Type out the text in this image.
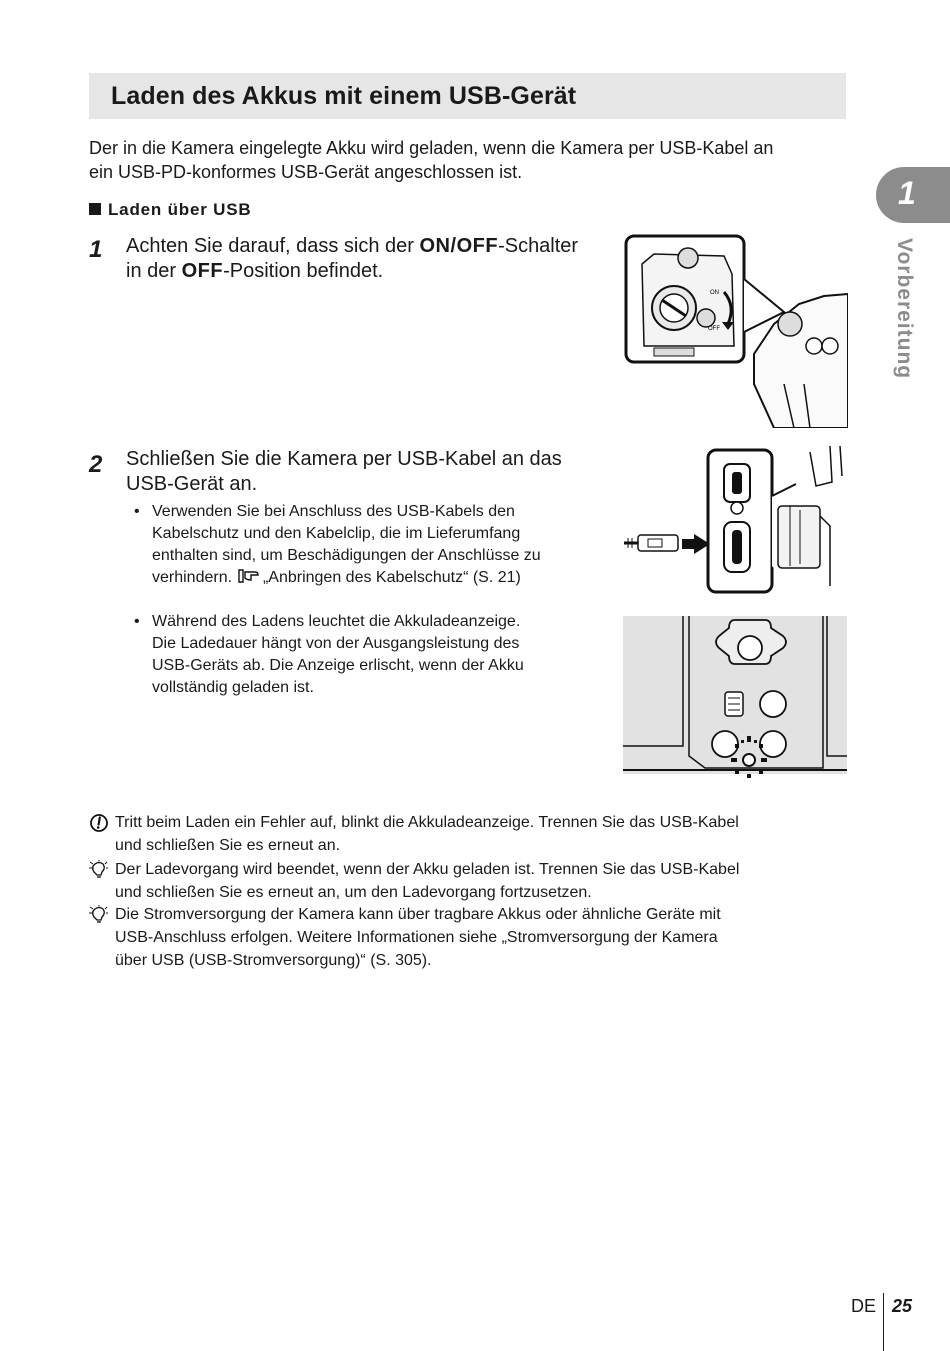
Laden des Akkus mit einem USB-Gerät

Der in die Kamera eingelegte Akku wird geladen, wenn die Kamera per USB-Kabel an
ein USB-PD-konformes USB-Gerät angeschlossen ist.

Laden über USB

1 Achten Sie darauf, dass sich der ON/OFF-Schalter
in der OFF-Position befindet.

ON
OFF
2 Schließen Sie die Kamera per USB-Kabel an das
USB-Gerät an.

• Verwenden Sie bei Anschluss des USB-Kabels den
Kabelschutz und den Kabelclip, die im Lieferumfang
enthalten sind, um Beschädigungen der Anschlüsse zu
verhindern.  „Anbringen des Kabelschutz“ (S. 21)

• Während des Ladens leuchtet die Akkuladeanzeige.
Die Ladedauer hängt von der Ausgangsleistung des
USB-Geräts ab. Die Anzeige erlischt, wenn der Akku
vollständig geladen ist.

Tritt beim Laden ein Fehler auf, blinkt die Akkuladeanzeige. Trennen Sie das USB-Kabel
und schließen Sie es erneut an.

Der Ladevorgang wird beendet, wenn der Akku geladen ist. Trennen Sie das USB-Kabel
und schließen Sie es erneut an, um den Ladevorgang fortzusetzen.

Die Stromversorgung der Kamera kann über tragbare Akkus oder ähnliche Geräte mit
USB-Anschluss erfolgen. Weitere Informationen siehe „Stromversorgung der Kamera
über USB (USB-Stromversorgung)“ (S. 305).

1
Vorbereitung
DE 25
